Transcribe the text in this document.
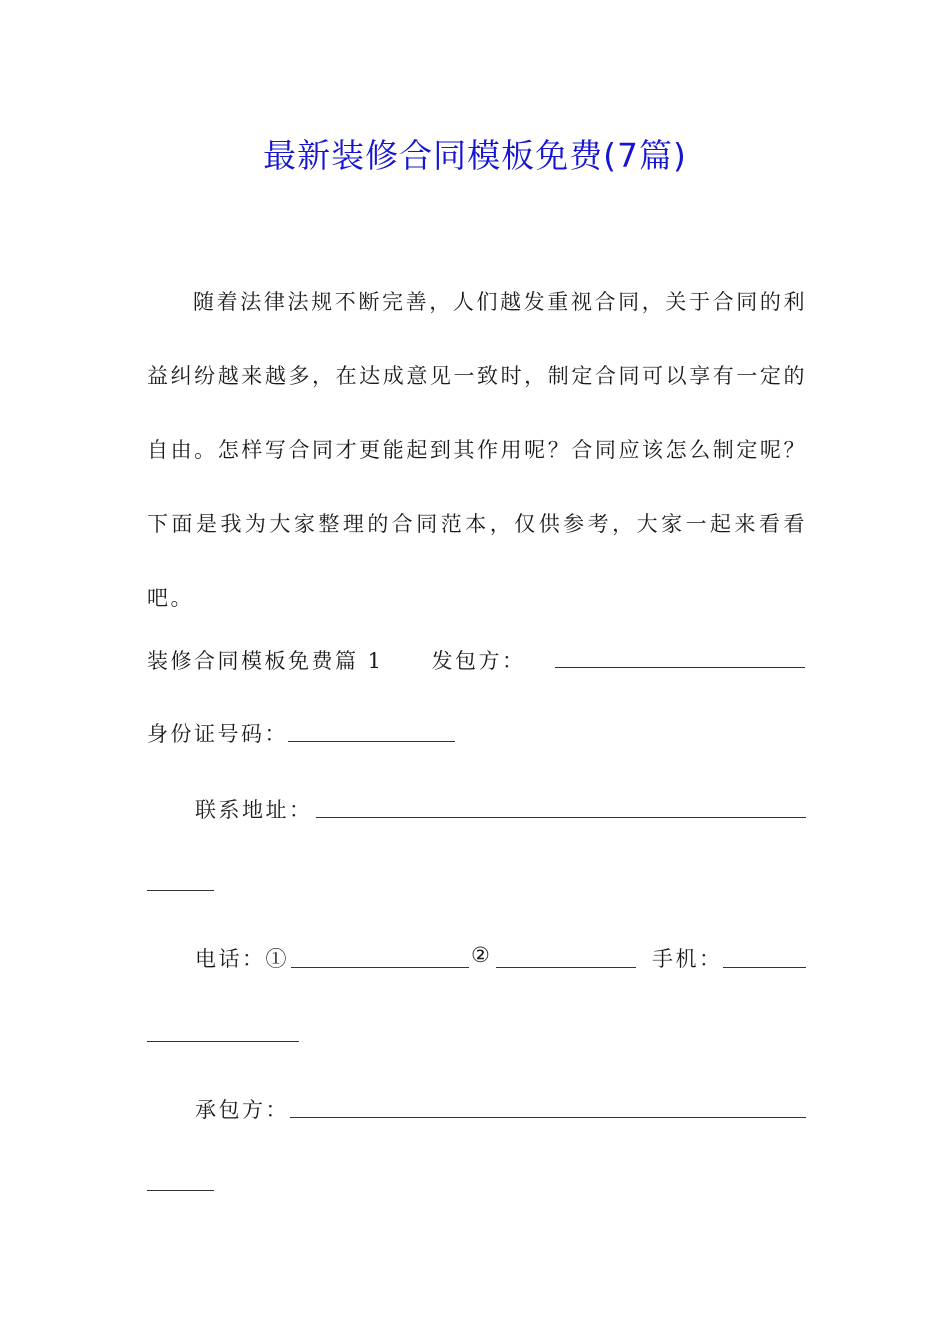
最新装修合同模板免费(7篇)

随着法律法规不断完善，人们越发重视合同，关于合同的利益纠纷越来越多，在达成意见一致时，制定合同可以享有一定的自由。怎样写合同才更能起到其作用呢？合同应该怎么制定呢？下面是我为大家整理的合同范本，仅供参考，大家一起来看看吧。

装修合同模板免费篇 1 发包方：
身份证号码：
联系地址：
电话：①	②	手机：
承包方：
